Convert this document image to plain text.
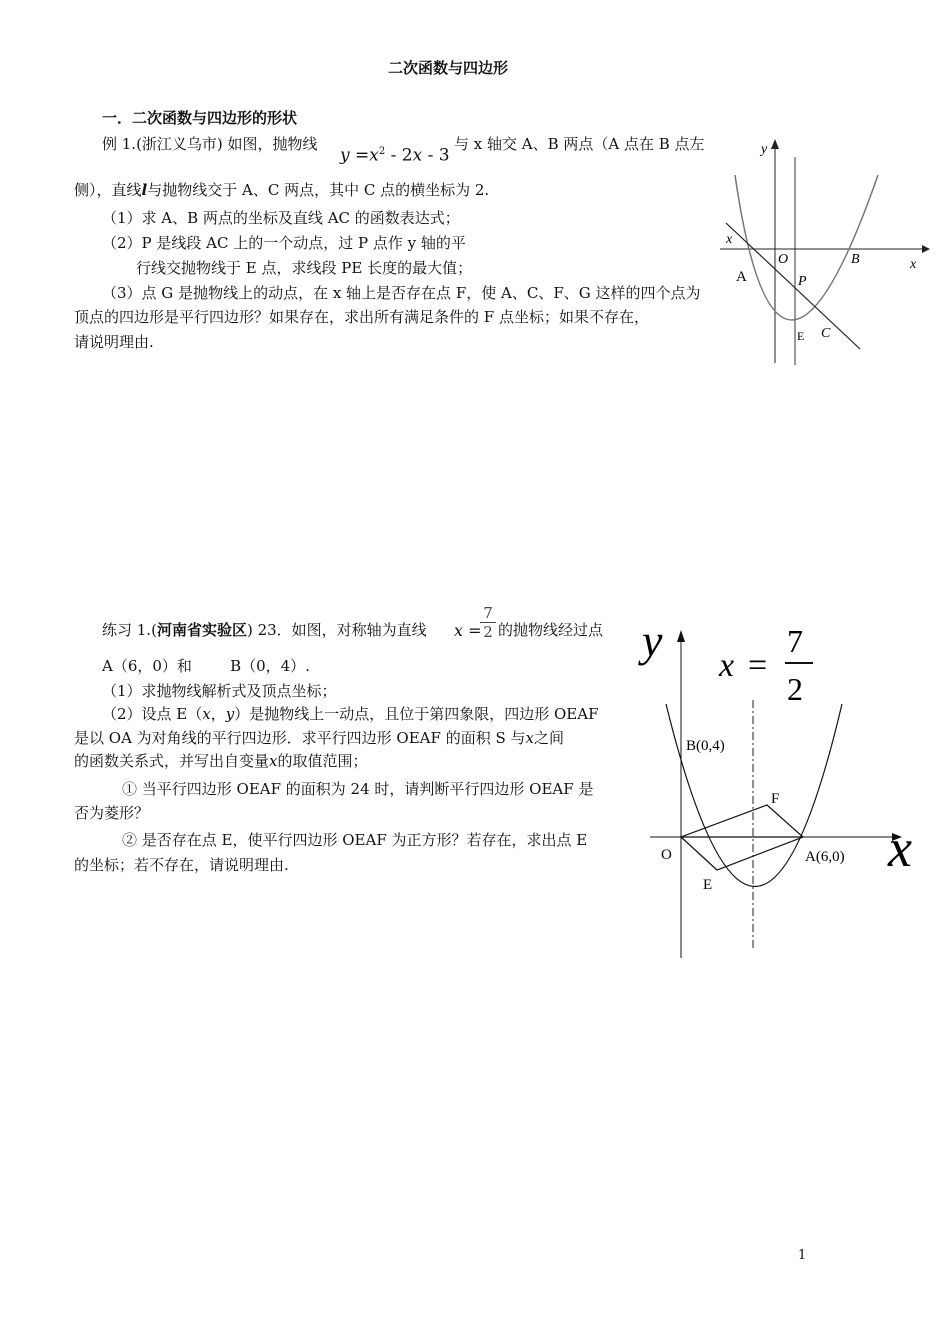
二次函数与四边形
一．二次函数与四边形的形状
例 1.(浙江义乌市) 如图，抛物线
$y =x^2 - 2x - 3$
与 x 轴交 A、B 两点（A 点在 B 点左
侧），直线l与抛物线交于 A、C 两点，其中 C 点的横坐标为 2.
（1）求 A、B 两点的坐标及直线 AC 的函数表达式；
（2）P 是线段 AC 上的一个动点，过 P 点作 y 轴的平
行线交抛物线于 E 点，求线段 PE 长度的最大值；
（3）点 G 是抛物线上的动点，在 x 轴上是否存在点 F，使 A、C、F、G 这样的四个点为
顶点的四边形是平行四边形？如果存在，求出所有满足条件的 F 点坐标；如果不存在，
请说明理由.
y
x
x
O
A
B
P
E C
练习 1.(河南省实验区) 23．如图，对称轴为直线 x =
$\frac{7}{2}$ 的抛物线经过点
A（6，0）和        B（0，4）.
（1）求抛物线解析式及顶点坐标；
（2）设点 E（x，y）是抛物线上一动点，且位于第四象限，四边形 OEAF
是以 OA 为对角线的平行四边形．求平行四边形 OEAF 的面积 S 与x之间
的函数关系式，并写出自变量x的取值范围；
① 当平行四边形 OEAF 的面积为 24 时，请判断平行四边形 OEAF 是
否为菱形？
② 是否存在点 E，使平行四边形 OEAF 为正方形？若存在，求出点 E
的坐标；若不存在，请说明理由.
y
x
x =
7
2
B(0,4)
F
O	A(6,0)
E
1
